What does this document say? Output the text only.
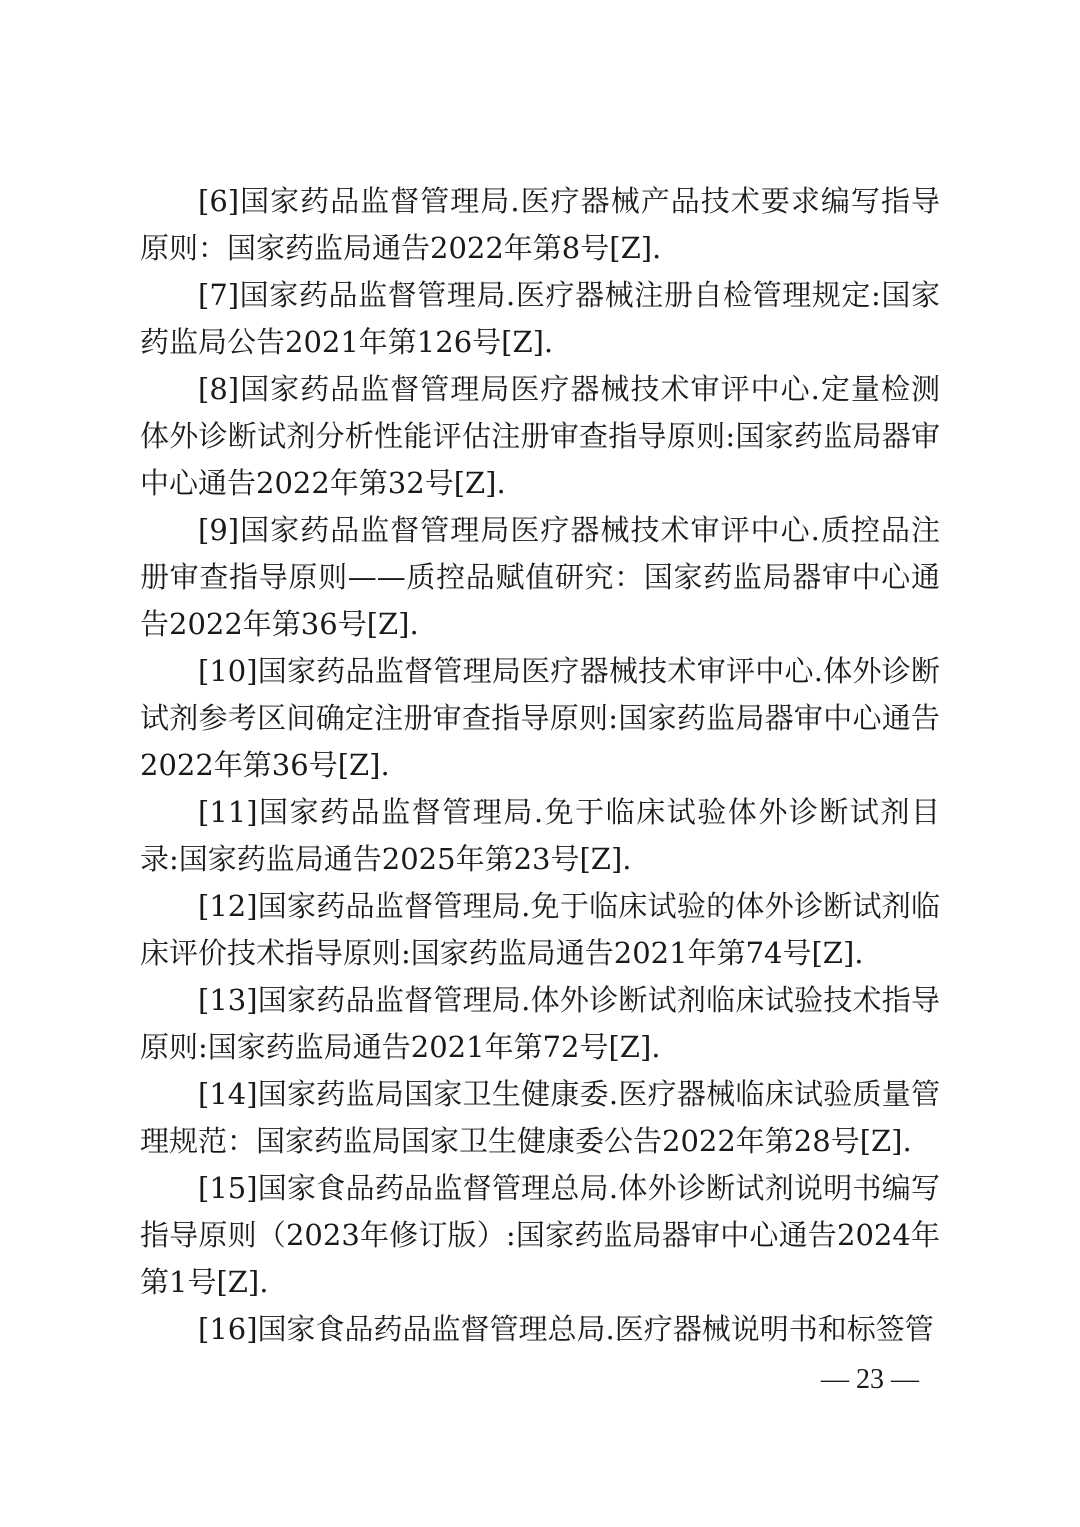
[6]国家药品监督管理局.医疗器械产品技术要求编写指导原则：国家药监局通告2022年第8号[Z].

[7]国家药品监督管理局.医疗器械注册自检管理规定:国家药监局公告2021年第126号[Z].

[8]国家药品监督管理局医疗器械技术审评中心.定量检测体外诊断试剂分析性能评估注册审查指导原则:国家药监局器审中心通告2022年第32号[Z].

[9]国家药品监督管理局医疗器械技术审评中心.质控品注册审查指导原则——质控品赋值研究：国家药监局器审中心通告2022年第36号[Z].

[10]国家药品监督管理局医疗器械技术审评中心.体外诊断试剂参考区间确定注册审查指导原则:国家药监局器审中心通告2022年第36号[Z].

[11]国家药品监督管理局.免于临床试验体外诊断试剂目录:国家药监局通告2025年第23号[Z].

[12]国家药品监督管理局.免于临床试验的体外诊断试剂临床评价技术指导原则:国家药监局通告2021年第74号[Z].

[13]国家药品监督管理局.体外诊断试剂临床试验技术指导原则:国家药监局通告2021年第72号[Z].

[14]国家药监局国家卫生健康委.医疗器械临床试验质量管理规范：国家药监局国家卫生健康委公告2022年第28号[Z].

[15]国家食品药品监督管理总局.体外诊断试剂说明书编写指导原则（2023年修订版）:国家药监局器审中心通告2024年第1号[Z].

[16]国家食品药品监督管理总局.医疗器械说明书和标签管

— 23 —
